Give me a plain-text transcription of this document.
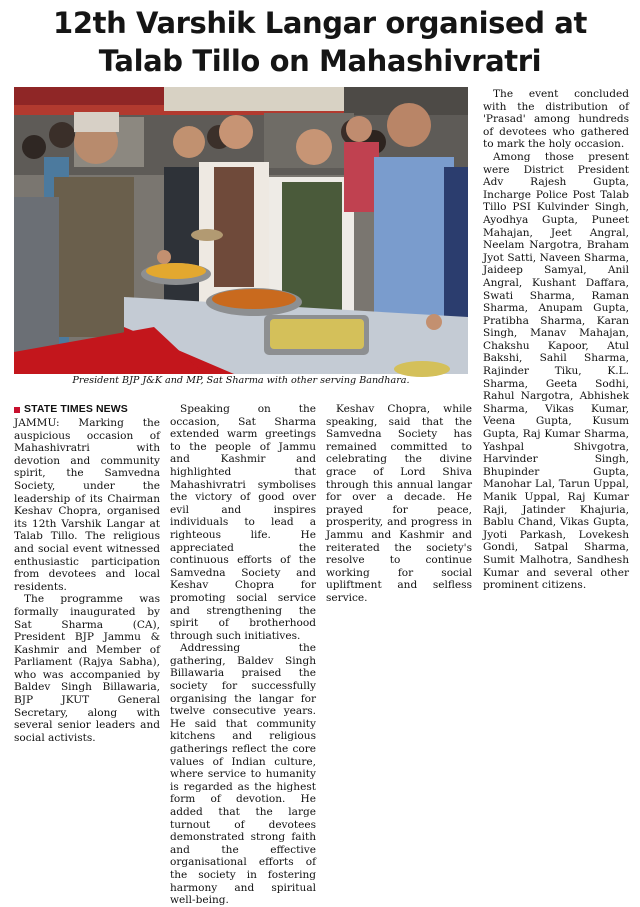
12th Varshik Langar organised at
Talab Tillo on Mahashivratri
President BJP J&K and MP, Sat Sharma with other serving Bandhara.
STATE TIMES NEWS

JAMMU: Marking the auspicious occasion of Mahashivratri with devotion and community spirit, the Samvedna Society, under the leadership of its Chairman Keshav Chopra, organised its 12th Varshik Langar at Talab Tillo. The religious and social event witnessed enthusiastic participation from devotees and local residents.

The programme was formally inaugurated by Sat Sharma (CA), President BJP Jammu & Kashmir and Member of Parliament (Rajya Sabha), who was accompanied by Baldev Singh Billawaria, BJP JKUT General Secretary, along with several senior leaders and social activists.

Speaking on the occasion, Sat Sharma extended warm greetings to the people of Jammu and Kashmir and highlighted that Mahashivratri symbolises the victory of good over evil and inspires individuals to lead a righteous life. He appreciated the continuous efforts of the Samvedna Society and Keshav Chopra for promoting social service and strengthening the spirit of brotherhood through such initiatives.

Addressing the gathering, Baldev Singh Billawaria praised the society for successfully organising the langar for twelve consecutive years. He said that community kitchens and religious gatherings reflect the core values of Indian culture, where service to humanity is regarded as the highest form of devotion. He added that the large turnout of devotees demonstrated strong faith and the effective organisational efforts of the society in fostering harmony and spiritual well-being.

Keshav Chopra, while speaking, said that the Samvedna Society has remained committed to celebrating the divine grace of Lord Shiva through this annual langar for over a decade. He prayed for peace, prosperity, and progress in Jammu and Kashmir and reiterated the society's resolve to continue working for social upliftment and selfless service.

The event concluded with the distribution of 'Prasad' among hundreds of devotees who gathered to mark the holy occasion.

Among those present were District President Adv Rajesh Gupta, Incharge Police Post Talab Tillo PSI Kulvinder Singh, Ayodhya Gupta, Puneet Mahajan, Jeet Angral, Neelam Nargotra, Braham Jyot Satti, Naveen Sharma, Jaideep Samyal, Anil Angral, Kushant Daffara, Swati Sharma, Raman Sharma, Anupam Gupta, Pratibha Sharma, Karan Singh, Manav Mahajan, Chakshu Kapoor, Atul Bakshi, Sahil Sharma, Rajinder Tiku, K.L. Sharma, Geeta Sodhi, Rahul Nargotra, Abhishek Sharma, Vikas Kumar, Veena Gupta, Kusum Gupta, Raj Kumar Sharma, Yashpal Shivgotra, Harvinder Singh, Bhupinder Gupta, Manohar Lal, Tarun Uppal, Manik Uppal, Raj Kumar Raji, Jatinder Khajuria, Bablu Chand, Vikas Gupta, Jyoti Parkash, Lovekesh Gondi, Satpal Sharma, Sumit Malhotra, Sandhesh Kumar and several other prominent citizens.
